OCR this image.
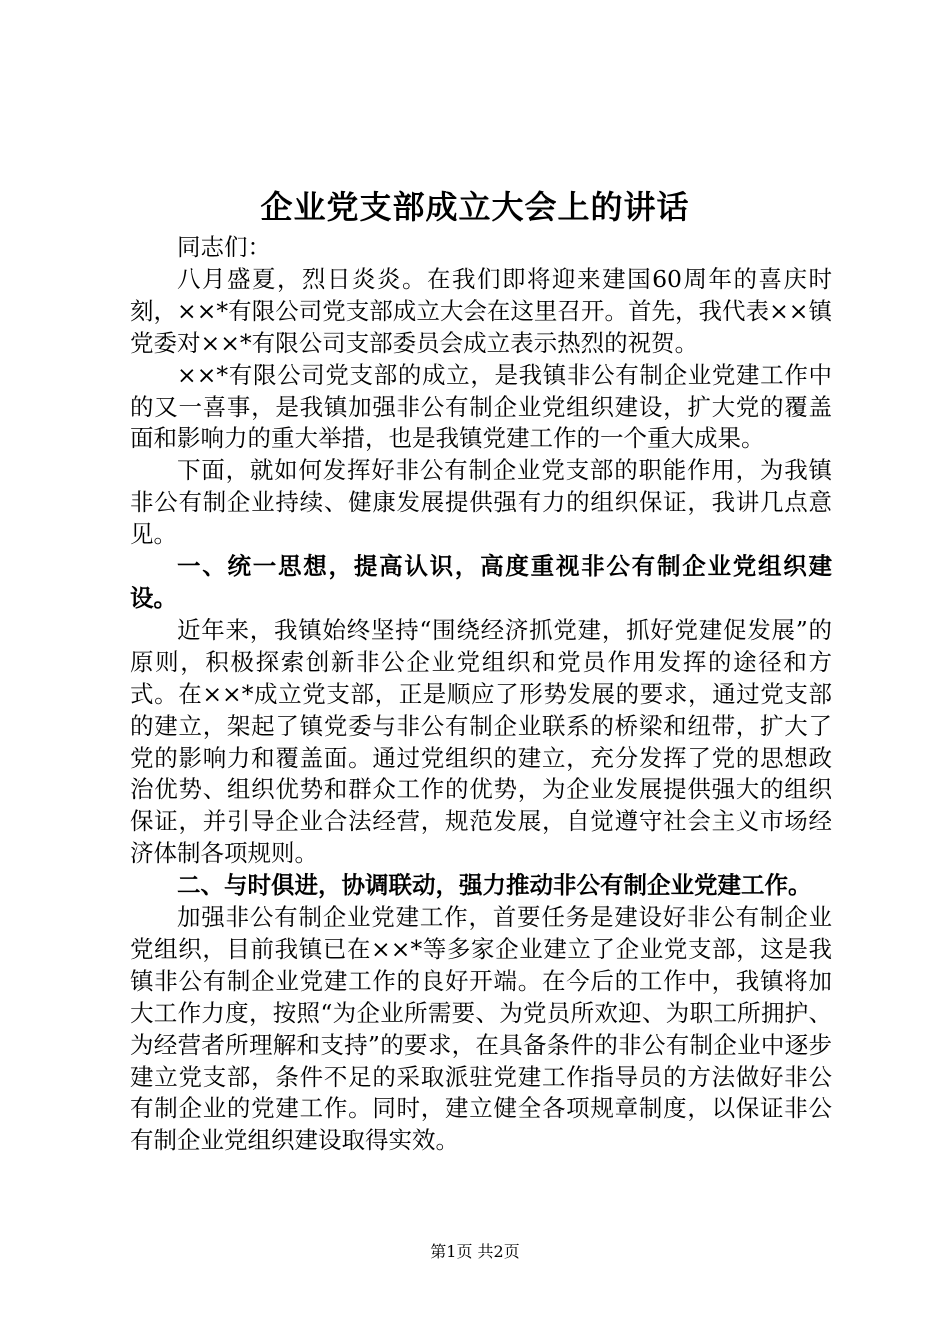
企业党支部成立大会上的讲话

同志们：

八月盛夏，烈日炎炎。在我们即将迎来建国60周年的喜庆时刻，××*有限公司党支部成立大会在这里召开。首先，我代表××镇党委对××*有限公司支部委员会成立表示热烈的祝贺。

××*有限公司党支部的成立，是我镇非公有制企业党建工作中的又一喜事，是我镇加强非公有制企业党组织建设，扩大党的覆盖面和影响力的重大举措，也是我镇党建工作的一个重大成果。

下面，就如何发挥好非公有制企业党支部的职能作用，为我镇非公有制企业持续、健康发展提供强有力的组织保证，我讲几点意见。

一、统一思想，提高认识，高度重视非公有制企业党组织建设。

近年来，我镇始终坚持“围绕经济抓党建，抓好党建促发展”的原则，积极探索创新非公企业党组织和党员作用发挥的途径和方式。在××*成立党支部，正是顺应了形势发展的要求，通过党支部的建立，架起了镇党委与非公有制企业联系的桥梁和纽带，扩大了党的影响力和覆盖面。通过党组织的建立，充分发挥了党的思想政治优势、组织优势和群众工作的优势，为企业发展提供强大的组织保证，并引导企业合法经营，规范发展，自觉遵守社会主义市场经济体制各项规则。

二、与时俱进，协调联动，强力推动非公有制企业党建工作。

加强非公有制企业党建工作，首要任务是建设好非公有制企业党组织，目前我镇已在××*等多家企业建立了企业党支部，这是我镇非公有制企业党建工作的良好开端。在今后的工作中，我镇将加大工作力度，按照“为企业所需要、为党员所欢迎、为职工所拥护、为经营者所理解和支持”的要求，在具备条件的非公有制企业中逐步建立党支部，条件不足的采取派驻党建工作指导员的方法做好非公有制企业的党建工作。同时，建立健全各项规章制度，以保证非公有制企业党组织建设取得实效。

第1页 共2页
